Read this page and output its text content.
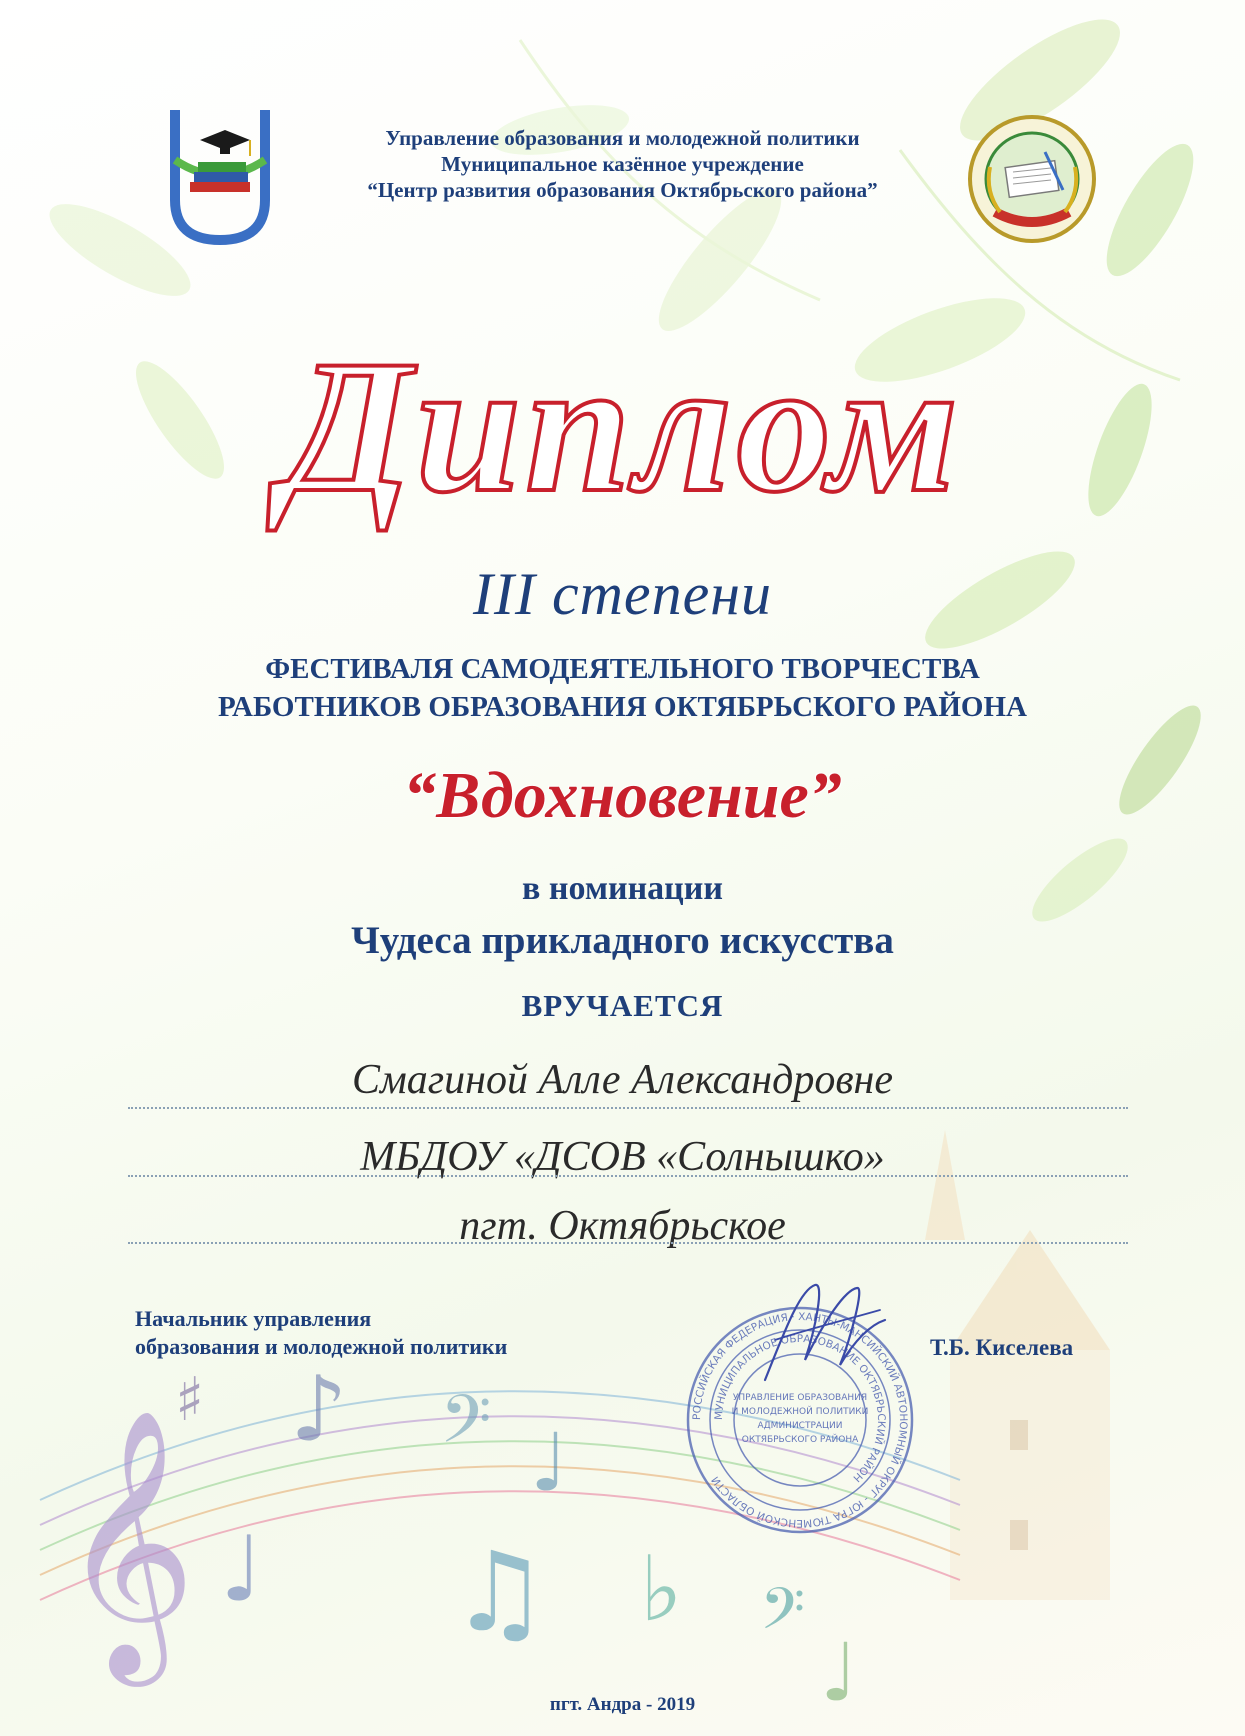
𝄞
♯ ♪ 𝄢 ♩
♩ ♫ ♭ 𝄢
♩
Управление образования и молодежной политики
Муниципальное казённое учреждение
“Центр развития образования Октябрьского района”
Диплом
III степени
ФЕСТИВАЛЯ САМОДЕЯТЕЛЬНОГО ТВОРЧЕСТВА
РАБОТНИКОВ ОБРАЗОВАНИЯ ОКТЯБРЬСКОГО РАЙОНА
“Вдохновение”
в номинации
Чудеса прикладного искусства
ВРУЧАЕТСЯ
Смагиной Алле Александровне
МБДОУ «ДСОВ «Солнышко»
пгт. Октябрьское
Начальник управления
образования и молодежной политики
РОССИЙСКАЯ ФЕДЕРАЦИЯ · ХАНТЫ-МАНСИЙСКИЙ АВТОНОМНЫЙ ОКРУГ - ЮГРА ТЮМЕНСКОЙ ОБЛАСТИ
МУНИЦИПАЛЬНОЕ ОБРАЗОВАНИЕ ОКТЯБРЬСКИЙ РАЙОН
УПРАВЛЕНИЕ ОБРАЗОВАНИЯ
И МОЛОДЕЖНОЙ ПОЛИТИКИ
АДМИНИСТРАЦИИ
ОКТЯБРЬСКОГО РАЙОНА
Т.Б. Киселева
пгт. Андра - 2019
